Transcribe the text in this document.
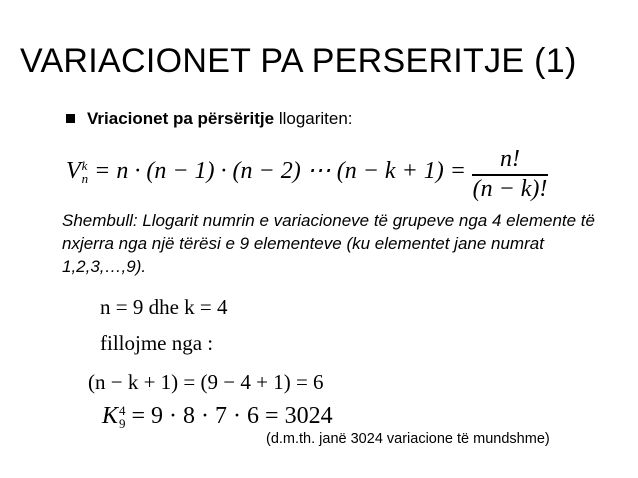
VARIACIONET PA PERSERITJE (1)
Vriacionet pa përsëritje llogariten:
V k
n = n · (n − 1) · (n − 2) ⋯ (n − k + 1) =	n!
(n − k)!
Shembull: Llogarit numrin e variacioneve të grupeve nga 4 elemente të nxjerra nga një tërësi e 9 elementeve (ku elementet jane numrat 1,2,3,…,9).
n = 9 dhe k = 4
fillojme nga :
(n − k + 1) = (9 − 4 + 1) = 6
K 4
9 = 9 · 8 · 7 · 6 = 3024
(d.m.th. janë 3024 variacione të mundshme)
